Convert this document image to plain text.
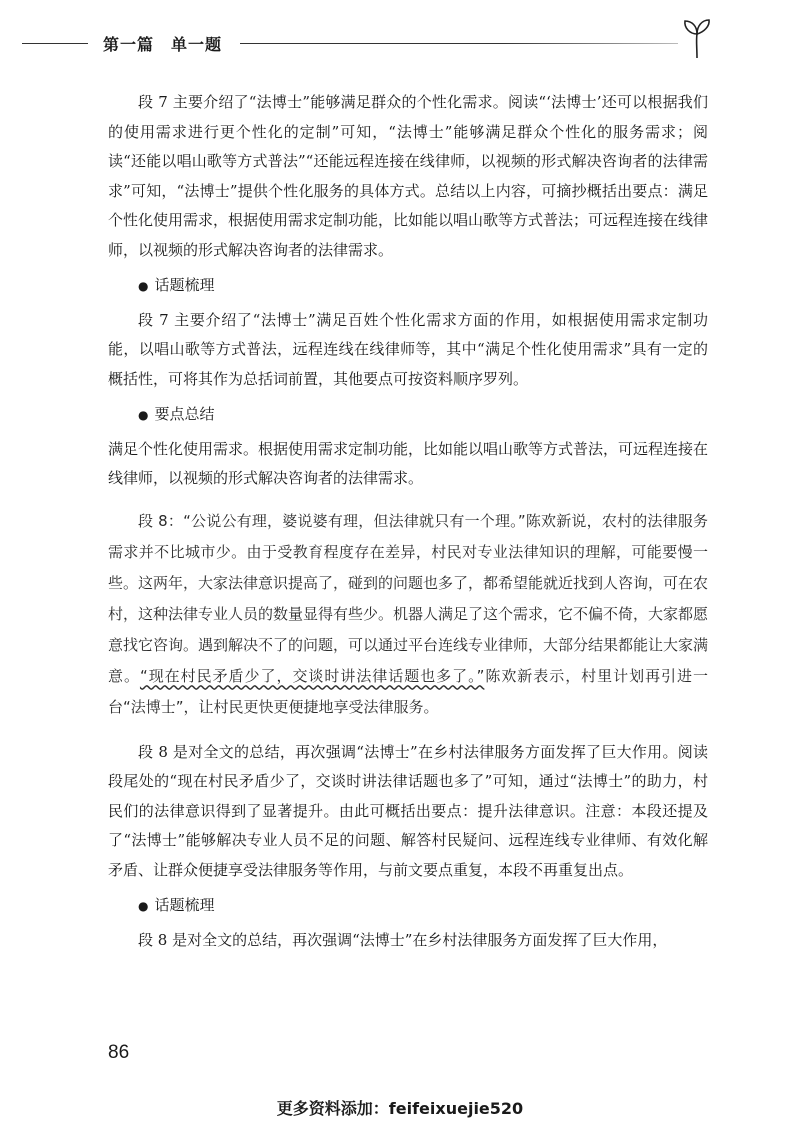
第一篇　单一题

段 7 主要介绍了“法博士”能够满足群众的个性化需求。阅读“‘法博士’还可以根据我们的使用需求进行更个性化的定制”可知，“法博士”能够满足群众个性化的服务需求；阅读“还能以唱山歌等方式普法”“还能远程连接在线律师，以视频的形式解决咨询者的法律需求”可知，“法博士”提供个性化服务的具体方式。总结以上内容，可摘抄概括出要点：满足个性化使用需求，根据使用需求定制功能，比如能以唱山歌等方式普法；可远程连接在线律师，以视频的形式解决咨询者的法律需求。

● 话题梳理

段 7 主要介绍了“法博士”满足百姓个性化需求方面的作用，如根据使用需求定制功能，以唱山歌等方式普法，远程连线在线律师等，其中“满足个性化使用需求”具有一定的概括性，可将其作为总括词前置，其他要点可按资料顺序罗列。

● 要点总结

满足个性化使用需求。根据使用需求定制功能，比如能以唱山歌等方式普法，可远程连接在线律师，以视频的形式解决咨询者的法律需求。

段 8：“公说公有理，婆说婆有理，但法律就只有一个理。”陈欢新说，农村的法律服务需求并不比城市少。由于受教育程度存在差异，村民对专业法律知识的理解，可能要慢一些。这两年，大家法律意识提高了，碰到的问题也多了，都希望能就近找到人咨询，可在农村，这种法律专业人员的数量显得有些少。机器人满足了这个需求，它不偏不倚，大家都愿意找它咨询。遇到解决不了的问题，可以通过平台连线专业律师，大部分结果都能让大家满意。“现在村民矛盾少了，交谈时讲法律话题也多了。”陈欢新表示，村里计划再引进一台“法博士”，让村民更快更便捷地享受法律服务。

段 8 是对全文的总结，再次强调“法博士”在乡村法律服务方面发挥了巨大作用。阅读段尾处的“现在村民矛盾少了，交谈时讲法律话题也多了”可知，通过“法博士”的助力，村民们的法律意识得到了显著提升。由此可概括出要点：提升法律意识。注意：本段还提及了“法博士”能够解决专业人员不足的问题、解答村民疑问、远程连线专业律师、有效化解矛盾、让群众便捷享受法律服务等作用，与前文要点重复，本段不再重复出点。

● 话题梳理

段 8 是对全文的总结，再次强调“法博士”在乡村法律服务方面发挥了巨大作用，

86
更多资料添加：feifeixuejie520
